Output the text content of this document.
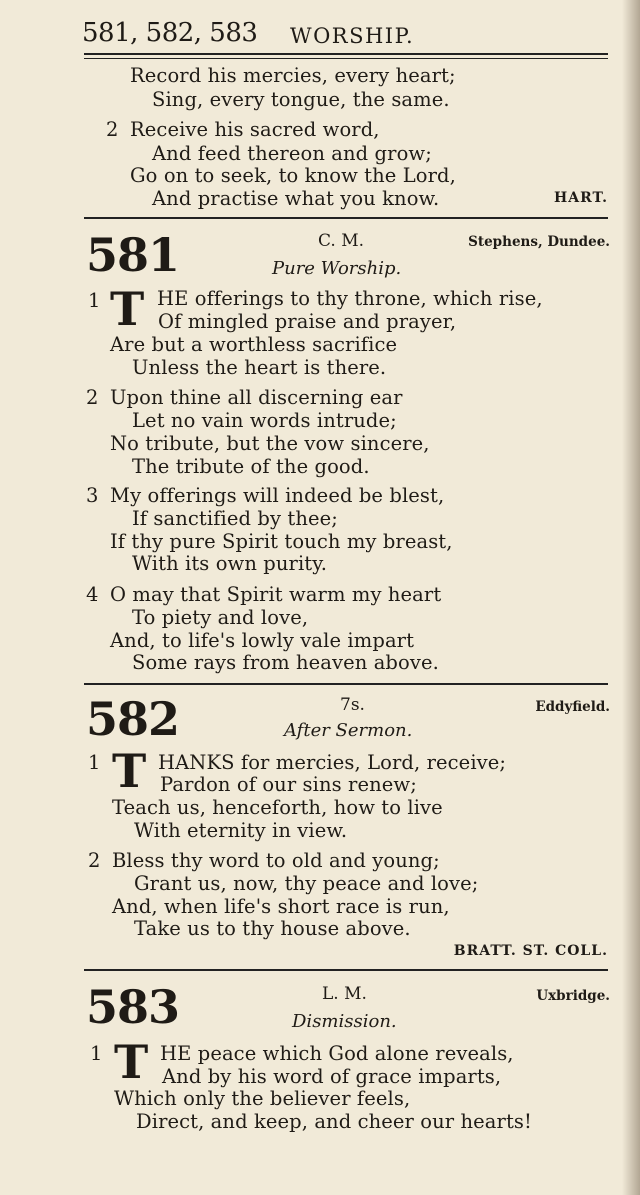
581, 582, 583 WORSHIP.
Record his mercies, every heart;
Sing, every tongue, the same.
2 Receive his sacred word,
And feed thereon and grow;
Go on to seek, to know the Lord,
And practise what you know.	HART.
581	C. M.	Stephens, Dundee.
Pure Worship.
1 T HE offerings to thy throne, which rise,
Of mingled praise and prayer,
Are but a worthless sacrifice
Unless the heart is there.
2 Upon thine all discerning ear
Let no vain words intrude;
No tribute, but the vow sincere,
The tribute of the good.
3 My offerings will indeed be blest,
If sanctified by thee;
If thy pure Spirit touch my breast,
With its own purity.
4 O may that Spirit warm my heart
To piety and love,
And, to life's lowly vale impart
Some rays from heaven above.
582	7s.	Eddyfield.
After Sermon.
1 T HANKS for mercies, Lord, receive;
Pardon of our sins renew;
Teach us, henceforth, how to live
With eternity in view.
2 Bless thy word to old and young;
Grant us, now, thy peace and love;
And, when life's short race is run,
Take us to thy house above.
BRATT. ST. COLL.
583	L. M.	Uxbridge.
Dismission.
1 T HE peace which God alone reveals,
And by his word of grace imparts,
Which only the believer feels,
Direct, and keep, and cheer our hearts!
